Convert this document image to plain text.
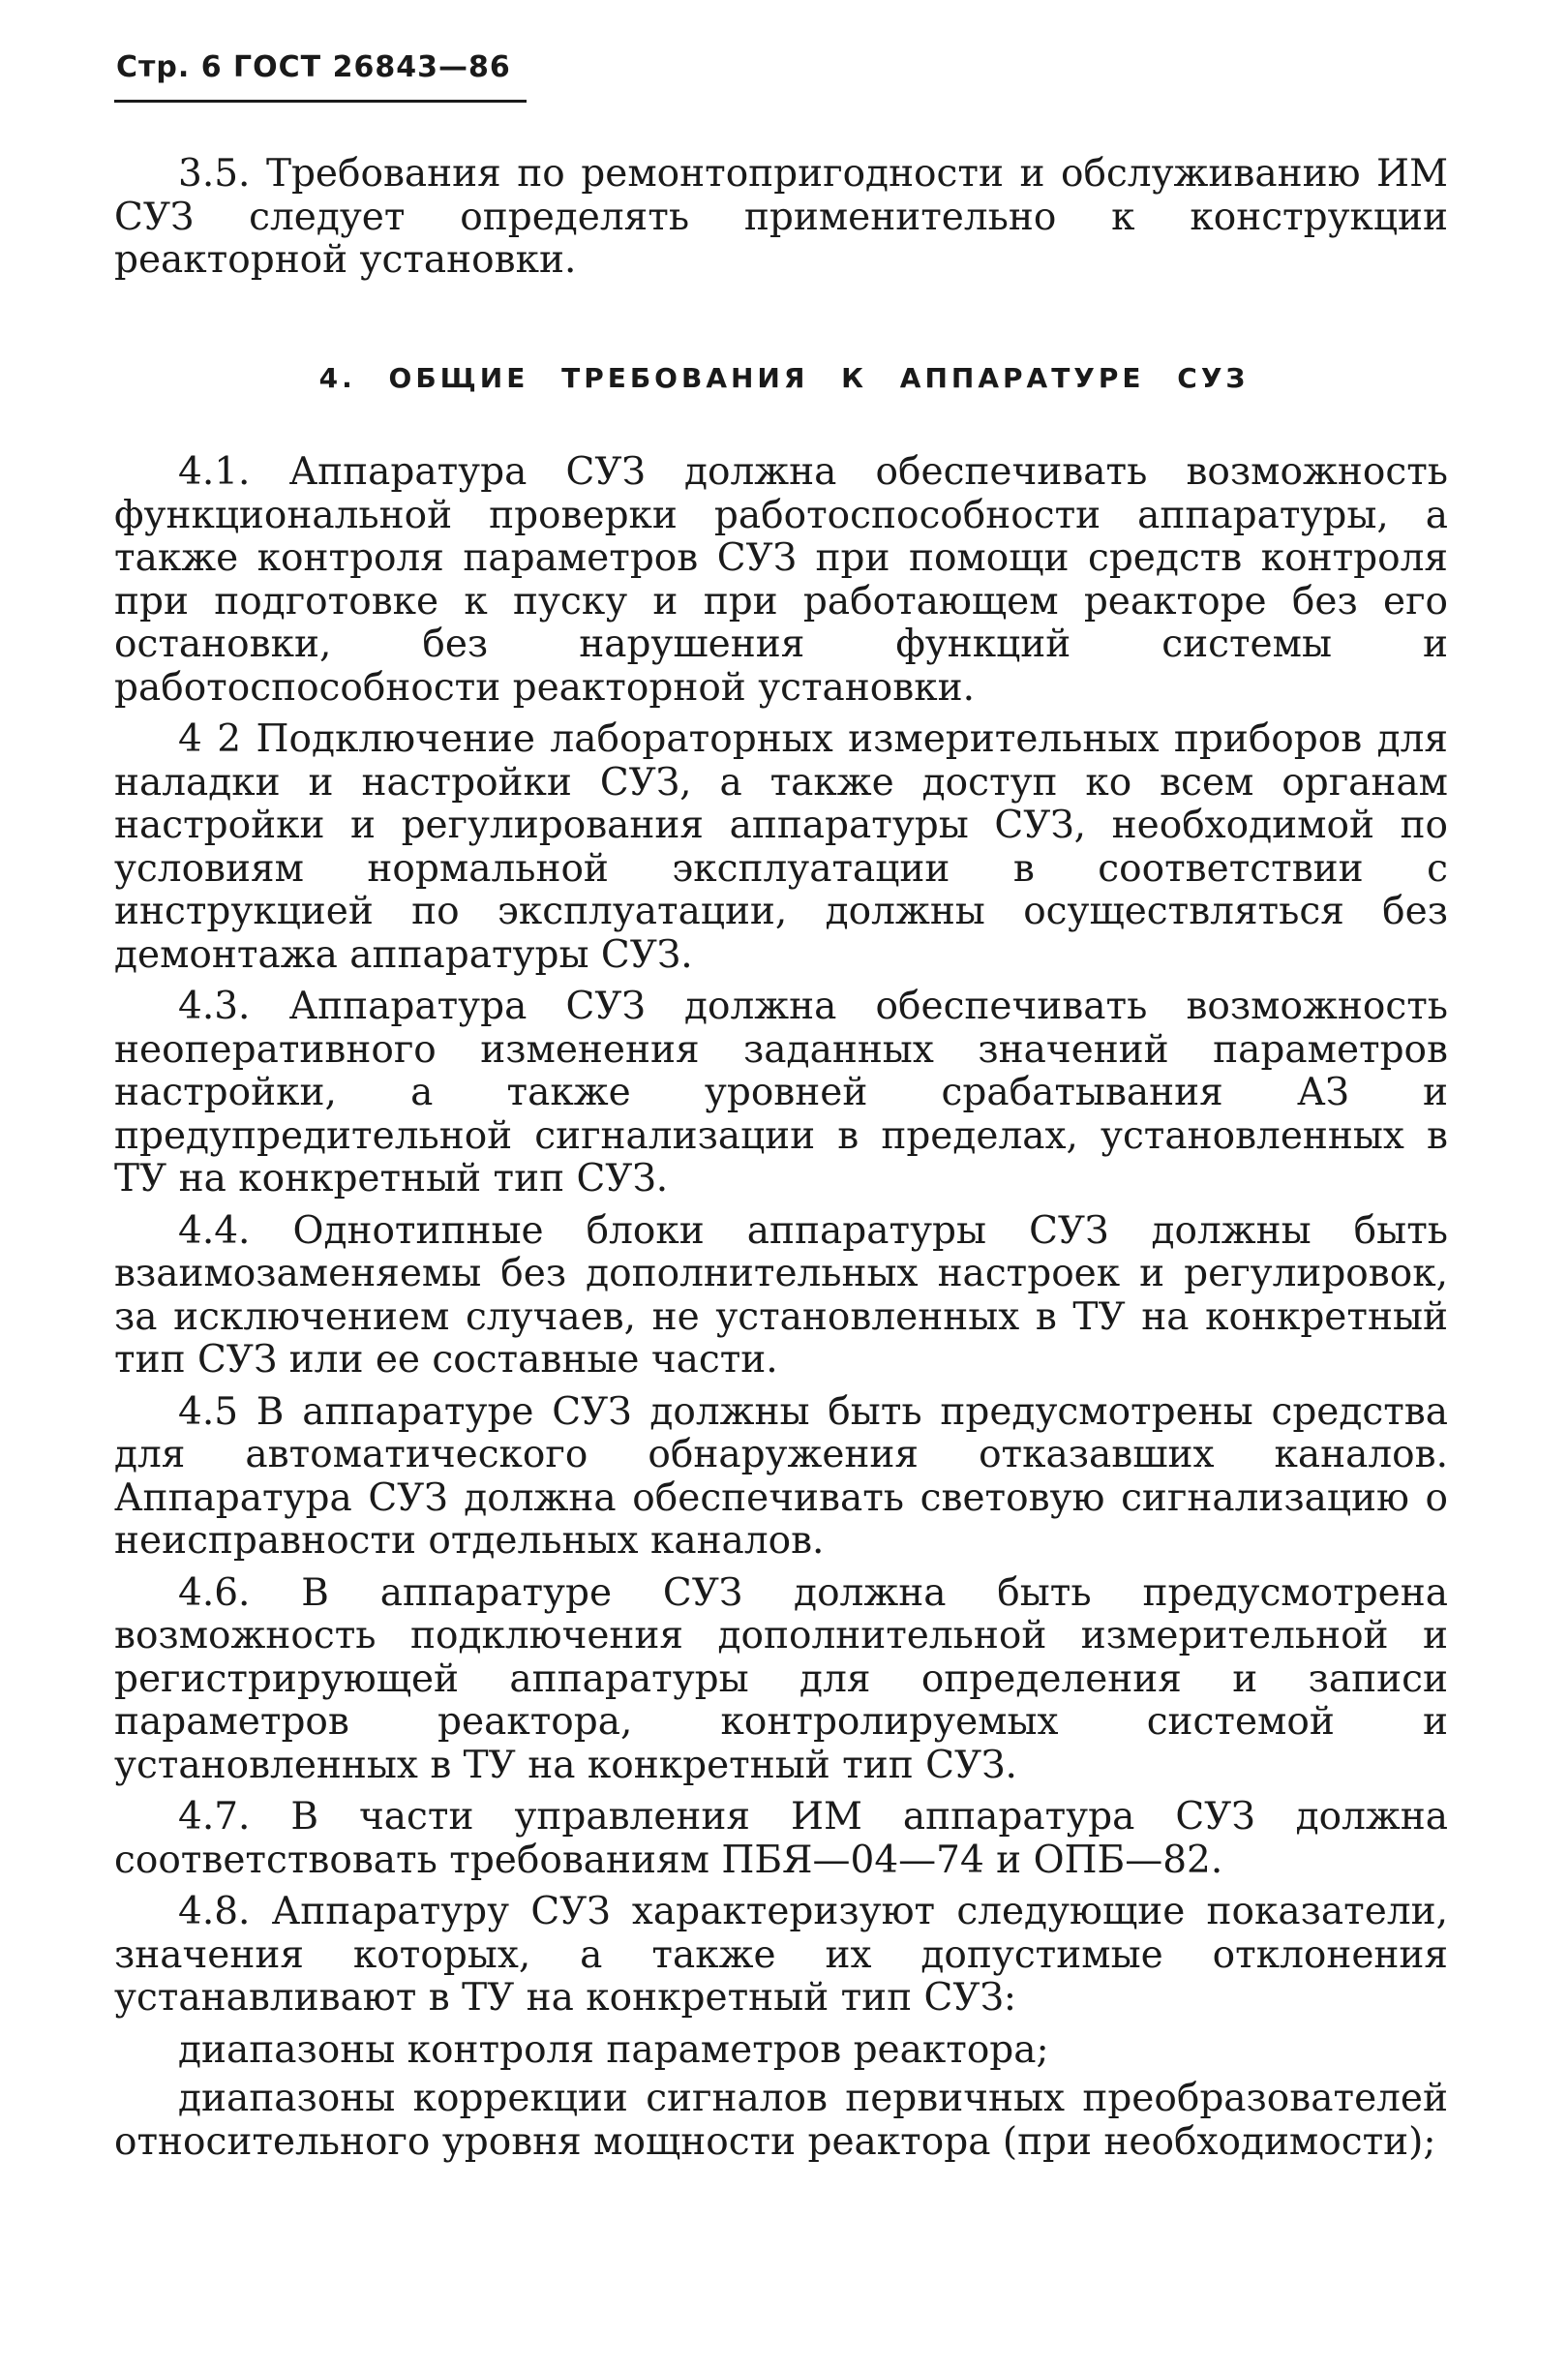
Стр. 6 ГОСТ 26843—86

3.5. Требования по ремонтопригодности и обслуживанию ИМ СУЗ следует определять применительно к конструкции реакторной установки.

4. ОБЩИЕ ТРЕБОВАНИЯ К АППАРАТУРЕ СУЗ

4.1. Аппаратура СУЗ должна обеспечивать возможность функциональной проверки работоспособности аппаратуры, а также контроля параметров СУЗ при помощи средств контроля при подготовке к пуску и при работающем реакторе без его остановки, без нарушения функций системы и работоспособности реакторной установки.

4 2 Подключение лабораторных измерительных приборов для наладки и настройки СУЗ, а также доступ ко всем органам настройки и регулирования аппаратуры СУЗ, необходимой по условиям нормальной эксплуатации в соответствии с инструкцией по эксплуатации, должны осуществляться без демонтажа аппаратуры СУЗ.

4.3. Аппаратура СУЗ должна обеспечивать возможность неоперативного изменения заданных значений параметров настройки, а также уровней срабатывания АЗ и предупредительной сигнализации в пределах, установленных в ТУ на конкретный тип СУЗ.

4.4. Однотипные блоки аппаратуры СУЗ должны быть взаимозаменяемы без дополнительных настроек и регулировок, за исключением случаев, не установленных в ТУ на конкретный тип СУЗ или ее составные части.

4.5 В аппаратуре СУЗ должны быть предусмотрены средства для автоматического обнаружения отказавших каналов. Аппаратура СУЗ должна обеспечивать световую сигнализацию о неисправности отдельных каналов.

4.6. В аппаратуре СУЗ должна быть предусмотрена возможность подключения дополнительной измерительной и регистрирующей аппаратуры для определения и записи параметров реактора, контролируемых системой и установленных в ТУ на конкретный тип СУЗ.

4.7. В части управления ИМ аппаратура СУЗ должна соответствовать требованиям ПБЯ—04—74 и ОПБ—82.

4.8. Аппаратуру СУЗ характеризуют следующие показатели, значения которых, а также их допустимые отклонения устанавливают в ТУ на конкретный тип СУЗ:

диапазоны контроля параметров реактора;

диапазоны коррекции сигналов первичных преобразователей относительного уровня мощности реактора (при необходимости);
